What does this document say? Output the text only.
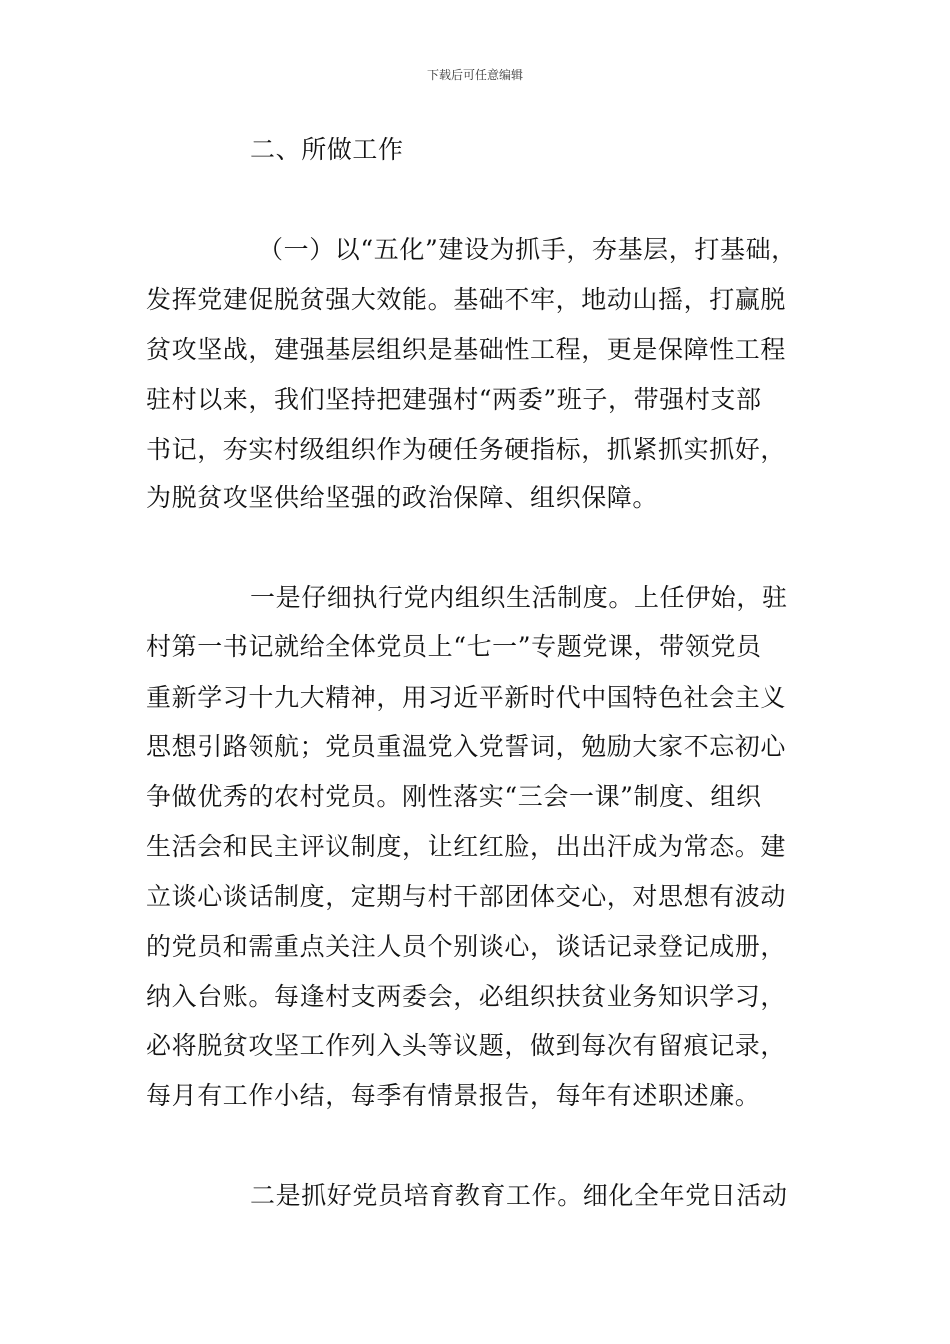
下载后可任意编辑
二、所做工作
（一）以“五化”建设为抓手，夯基层，打基础，
发挥党建促脱贫强大效能。基础不牢，地动山摇，打赢脱
贫攻坚战，建强基层组织是基础性工程，更是保障性工程
驻村以来，我们坚持把建强村“两委”班子，带强村支部
书记，夯实村级组织作为硬任务硬指标，抓紧抓实抓好，
为脱贫攻坚供给坚强的政治保障、组织保障。
一是仔细执行党内组织生活制度。上任伊始，驻
村第一书记就给全体党员上“七一”专题党课，带领党员
重新学习十九大精神，用习近平新时代中国特色社会主义
思想引路领航；党员重温党入党誓词，勉励大家不忘初心
争做优秀的农村党员。刚性落实“三会一课”制度、组织
生活会和民主评议制度，让红红脸，出出汗成为常态。建
立谈心谈话制度，定期与村干部团体交心，对思想有波动
的党员和需重点关注人员个别谈心，谈话记录登记成册，
纳入台账。每逢村支两委会，必组织扶贫业务知识学习，
必将脱贫攻坚工作列入头等议题，做到每次有留痕记录，
每月有工作小结，每季有情景报告，每年有述职述廉。
二是抓好党员培育教育工作。细化全年党日活动
